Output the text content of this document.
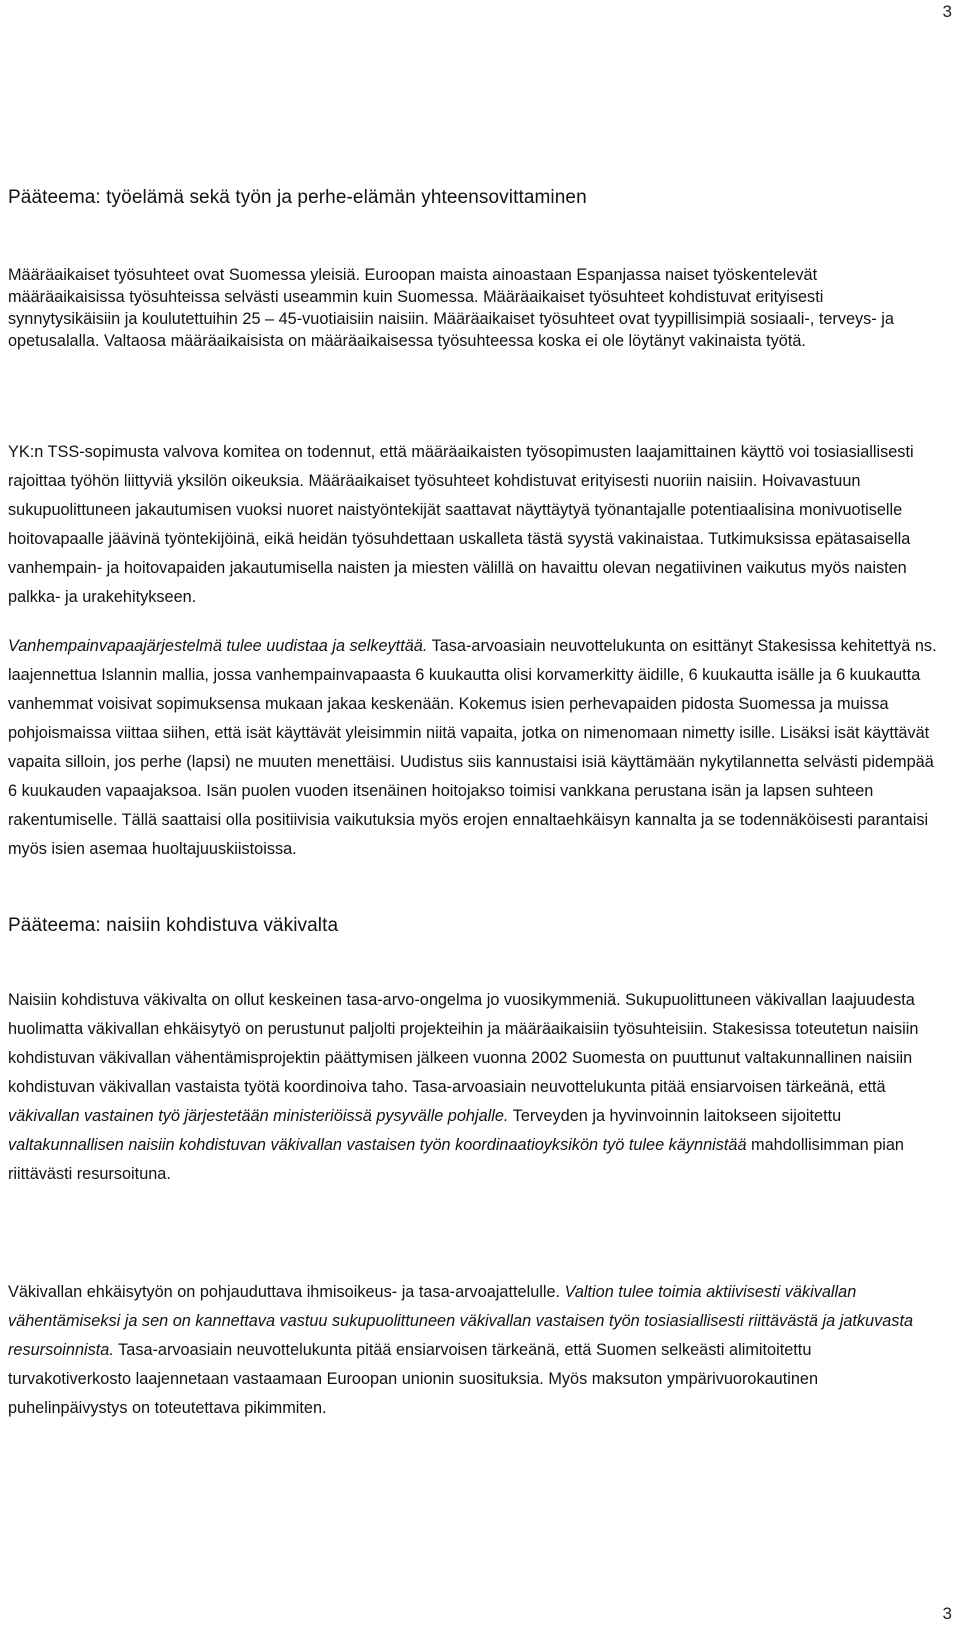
3
Pääteema: työelämä sekä työn ja perhe-elämän yhteensovittaminen

Määräaikaiset työsuhteet ovat Suomessa yleisiä. Euroopan maista ainoastaan Espanjassa naiset työskentelevät määräaikaisissa työsuhteissa selvästi useammin kuin Suomessa. Määräaikaiset työsuhteet kohdistuvat erityisesti synnytysikäisiin ja koulutettuihin 25 – 45-vuotiaisiin naisiin. Määräaikaiset työsuhteet ovat tyypillisimpiä sosiaali-, terveys- ja opetusalalla. Valtaosa määräaikaisista on määräaikaisessa työsuhteessa koska ei ole löytänyt vakinaista työtä.

YK:n TSS-sopimusta valvova komitea on todennut, että määräaikaisten työsopimusten laajamittainen käyttö voi tosiasiallisesti rajoittaa työhön liittyviä yksilön oikeuksia. Määräaikaiset työsuhteet kohdistuvat erityisesti nuoriin naisiin. Hoivavastuun sukupuolittuneen jakautumisen vuoksi nuoret naistyöntekijät saattavat näyttäytyä työnantajalle potentiaalisina monivuotiselle hoitovapaalle jäävinä työntekijöinä, eikä heidän työsuhdettaan uskalleta tästä syystä vakinaistaa. Tutkimuksissa epätasaisella vanhempain- ja hoitovapaiden jakautumisella naisten ja miesten välillä on havaittu olevan negatiivinen vaikutus myös naisten palkka- ja urakehitykseen.

Vanhempainvapaajärjestelmä tulee uudistaa ja selkeyttää. Tasa-arvoasiain neuvottelukunta on esittänyt Stakesissa kehitettyä ns. laajennettua Islannin mallia, jossa vanhempainvapaasta 6 kuukautta olisi korvamerkitty äidille, 6 kuukautta isälle ja 6 kuukautta vanhemmat voisivat sopimuksensa mukaan jakaa keskenään. Kokemus isien perhevapaiden pidosta Suomessa ja muissa pohjoismaissa viittaa siihen, että isät käyttävät yleisimmin niitä vapaita, jotka on nimenomaan nimetty isille. Lisäksi isät käyttävät vapaita silloin, jos perhe (lapsi) ne muuten menettäisi. Uudistus siis kannustaisi isiä käyttämään nykytilannetta selvästi pidempää 6 kuukauden vapaajaksoa. Isän puolen vuoden itsenäinen hoitojakso toimisi vankkana perustana isän ja lapsen suhteen rakentumiselle. Tällä saattaisi olla positiivisia vaikutuksia myös erojen ennaltaehkäisyn kannalta ja se todennäköisesti parantaisi myös isien asemaa huoltajuuskiistoissa.

Pääteema: naisiin kohdistuva väkivalta

Naisiin kohdistuva väkivalta on ollut keskeinen tasa-arvo-ongelma jo vuosikymmeniä. Sukupuolittuneen väkivallan laajuudesta huolimatta väkivallan ehkäisytyö on perustunut paljolti projekteihin ja määräaikaisiin työsuhteisiin. Stakesissa toteutetun naisiin kohdistuvan väkivallan vähentämisprojektin päättymisen jälkeen vuonna 2002 Suomesta on puuttunut valtakunnallinen naisiin kohdistuvan väkivallan vastaista työtä koordinoiva taho. Tasa-arvoasiain neuvottelukunta pitää ensiarvoisen tärkeänä, että väkivallan vastainen työ järjestetään ministeriöissä pysyvälle pohjalle. Terveyden ja hyvinvoinnin laitokseen sijoitettu valtakunnallisen naisiin kohdistuvan väkivallan vastaisen työn koordinaatioyksikön työ tulee käynnistää mahdollisimman pian riittävästi resursoituna.

Väkivallan ehkäisytyön on pohjauduttava ihmisoikeus- ja tasa-arvoajattelulle. Valtion tulee toimia aktiivisesti väkivallan vähentämiseksi ja sen on kannettava vastuu sukupuolittuneen väkivallan vastaisen työn tosiasiallisesti riittävästä ja jatkuvasta resursoinnista. Tasa-arvoasiain neuvottelukunta pitää ensiarvoisen tärkeänä, että Suomen selkeästi alimitoitettu turvakotiverkosto laajennetaan vastaamaan Euroopan unionin suosituksia. Myös maksuton ympärivuorokautinen puhelinpäivystys on toteutettava pikimmiten.

3
